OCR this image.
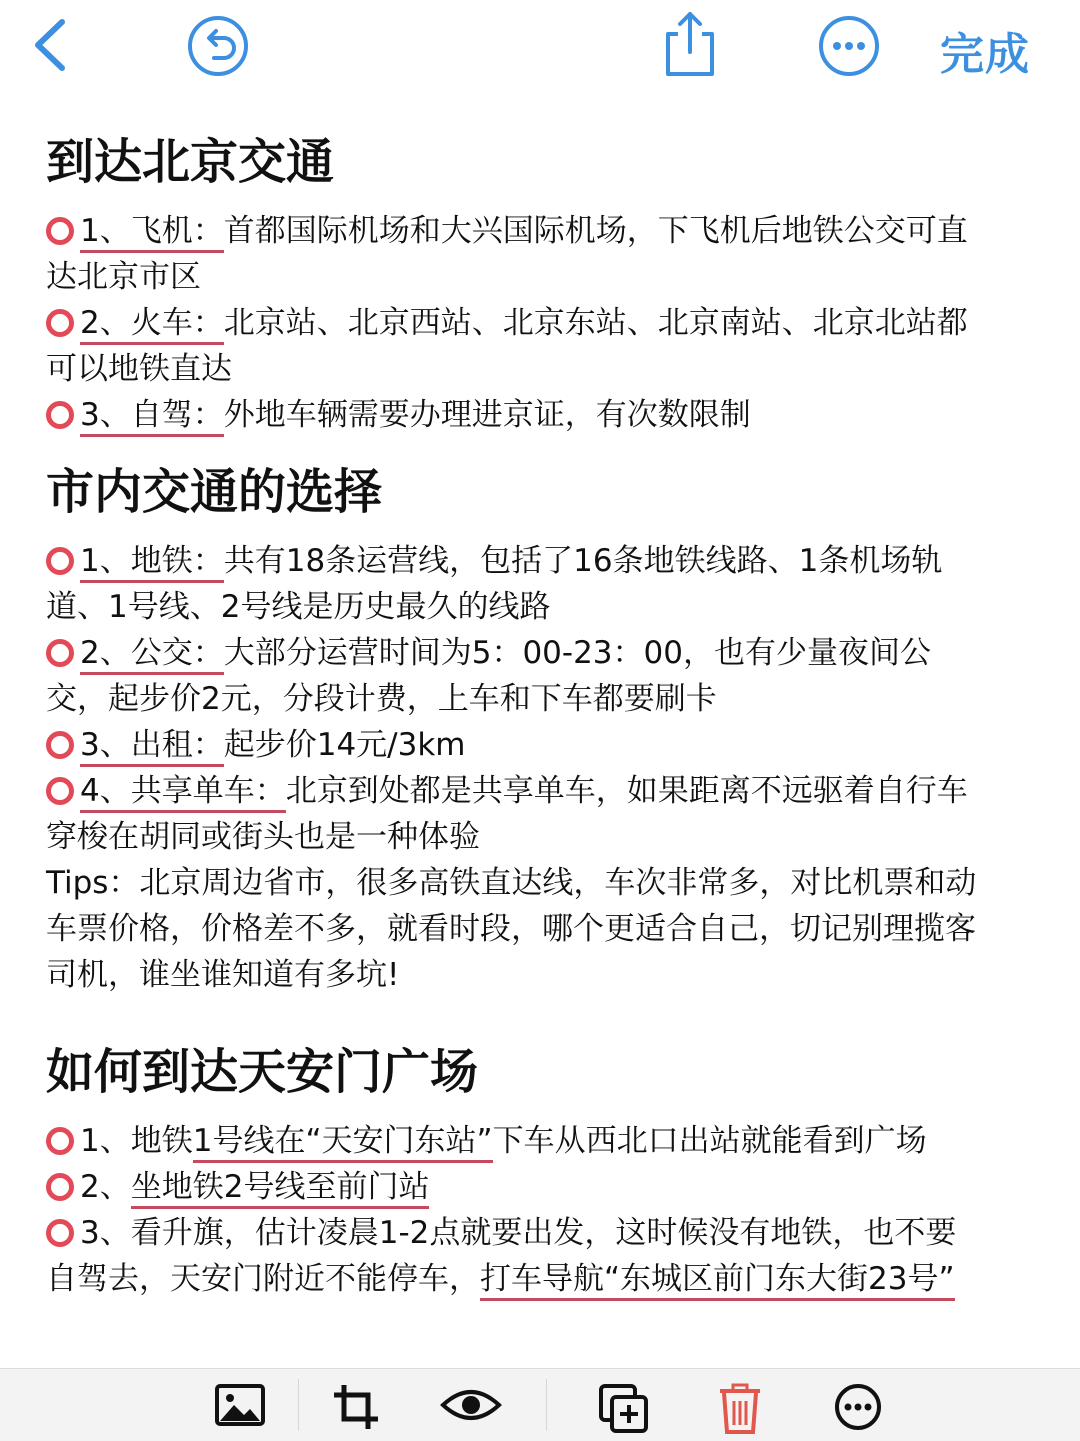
完成
到达北京交通
1、飞机：首都国际机场和大兴国际机场，下飞机后地铁公交可直
达北京市区
2、火车：北京站、北京西站、北京东站、北京南站、北京北站都
可以地铁直达
3、自驾：外地车辆需要办理进京证，有次数限制
市内交通的选择
1、地铁：共有18条运营线，包括了16条地铁线路、1条机场轨
道、1号线、2号线是历史最久的线路
2、公交：大部分运营时间为5：00-23：00，也有少量夜间公
交，起步价2元，分段计费，上车和下车都要刷卡
3、出租：起步价14元/3km
4、共享单车：北京到处都是共享单车，如果距离不远驱着自行车
穿梭在胡同或街头也是一种体验
Tips：北京周边省市，很多高铁直达线，车次非常多，对比机票和动
车票价格，价格差不多，就看时段，哪个更适合自己，切记别理揽客
司机，谁坐谁知道有多坑!
如何到达天安门广场
1、地铁1号线在“天安门东站”下车从西北口出站就能看到广场
2、坐地铁2号线至前门站
3、看升旗，估计凌晨1-2点就要出发，这时候没有地铁，也不要
自驾去，天安门附近不能停车，打车导航“东城区前门东大街23号”
